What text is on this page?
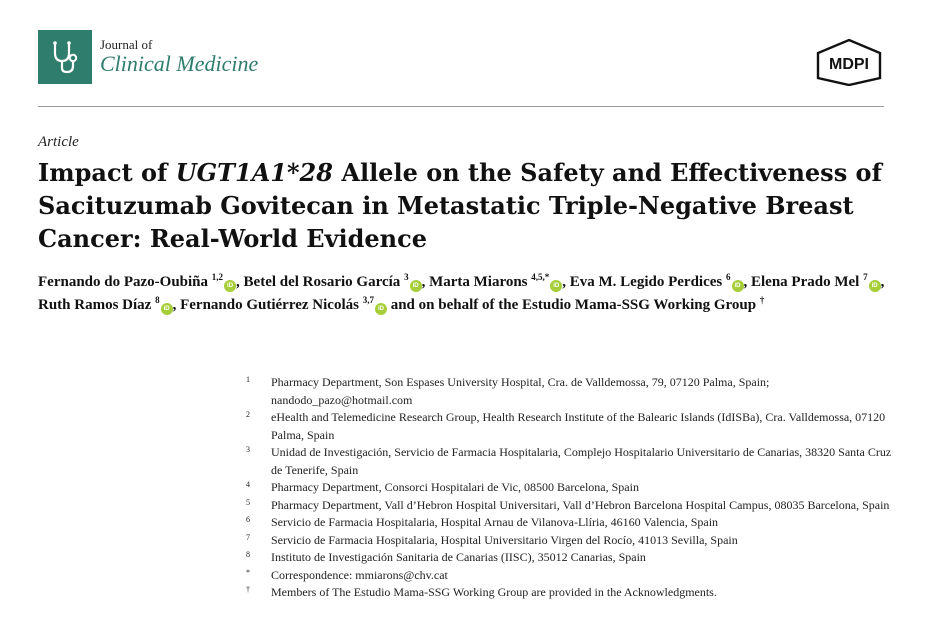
Journal of
Clinical Medicine	MDPI
Article
Impact of UGT1A1*28 Allele on the Safety and Effectiveness of Sacituzumab Govitecan in Metastatic Triple-Negative Breast Cancer: Real-World Evidence
Fernando do Pazo-Oubiña $^{1,2}$iD , Betel del Rosario García $^3$iD , Marta Miarons $^{4,5,*}$iD , Eva M. Legido Perdices $^6$iD , Elena Prado Mel $^7$iD , Ruth Ramos Díaz $^8$iD , Fernando Gutiérrez Nicolás $^{3,7}$iD and on behalf of the Estudio Mama-SSG Working Group †
1	Pharmacy Department, Son Espases University Hospital, Cra. de Valldemossa, 79, 07120 Palma, Spain; nandodo_pazo@hotmail.com
2	eHealth and Telemedicine Research Group, Health Research Institute of the Balearic Islands (IdISBa), Cra. Valldemossa, 07120 Palma, Spain
3	Unidad de Investigación, Servicio de Farmacia Hospitalaria, Complejo Hospitalario Universitario de Canarias, 38320 Santa Cruz de Tenerife, Spain
4	Pharmacy Department, Consorci Hospitalari de Vic, 08500 Barcelona, Spain
5	Pharmacy Department, Vall d’Hebron Hospital Universitari, Vall d’Hebron Barcelona Hospital Campus, 08035 Barcelona, Spain
6	Servicio de Farmacia Hospitalaria, Hospital Arnau de Vilanova-Llíria, 46160 Valencia, Spain
7	Servicio de Farmacia Hospitalaria, Hospital Universitario Virgen del Rocío, 41013 Sevilla, Spain
8	Instituto de Investigación Sanitaria de Canarias (IISC), 35012 Canarias, Spain
*	Correspondence: mmiarons@chv.cat
†	Members of The Estudio Mama-SSG Working Group are provided in the Acknowledgments.
